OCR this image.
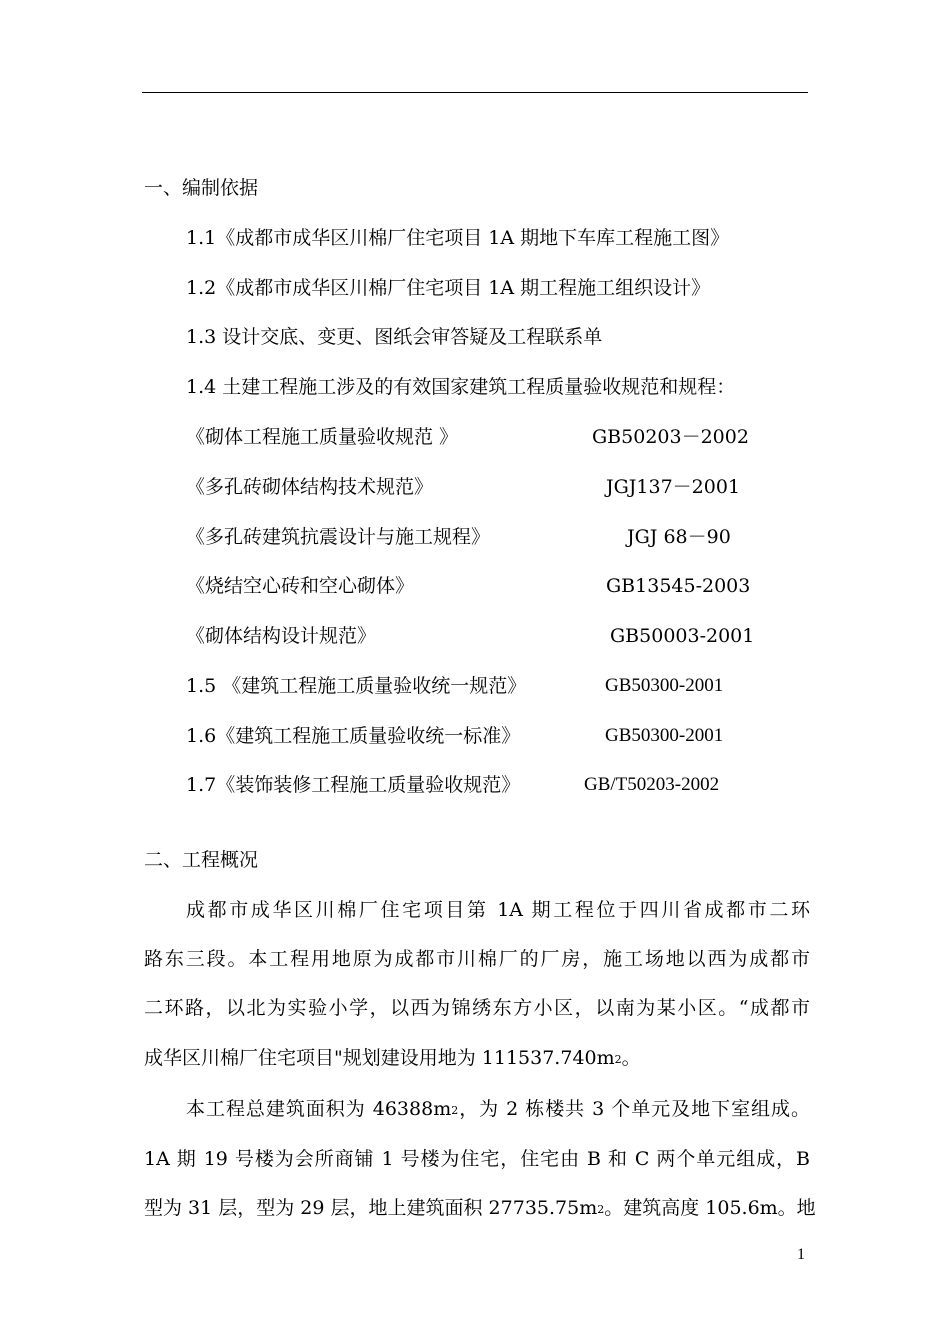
一、编制依据
1.1《成都市成华区川棉厂住宅项目 1A 期地下车库工程施工图》
1.2《成都市成华区川棉厂住宅项目 1A 期工程施工组织设计》
1.3 设计交底、变更、图纸会审答疑及工程联系单
1.4 土建工程施工涉及的有效国家建筑工程质量验收规范和规程：
《砌体工程施工质量验收规范 》	GB50203－2002
《多孔砖砌体结构技术规范》	JGJ137－2001
《多孔砖建筑抗震设计与施工规程》	JGJ 68－90
《烧结空心砖和空心砌体》	GB13545-2003
《砌体结构设计规范》	GB50003-2001
1.5 《建筑工程施工质量验收统一规范》	GB50300-2001
1.6《建筑工程施工质量验收统一标准》	GB50300-2001
1.7《装饰装修工程施工质量验收规范》	GB/T50203-2002
二、工程概况
成都市成华区川棉厂住宅项目第 1A 期工程位于四川省成都市二环
路东三段。本工程用地原为成都市川棉厂的厂房，施工场地以西为成都市
二环路，以北为实验小学，以西为锦绣东方小区，以南为某小区。“成都市
成华区川棉厂住宅项目"规划建设用地为 $111537.740m^2$。
本工程总建筑面积为 $46388m^2$，为 2 栋楼共 3 个单元及地下室组成。
1A 期 19 号楼为会所商铺 1 号楼为住宅，住宅由 B 和 C 两个单元组成，B
型为 31 层，型为 29 层，地上建筑面积 $27735.75m^2$。建筑高度 105.6m。地
1
